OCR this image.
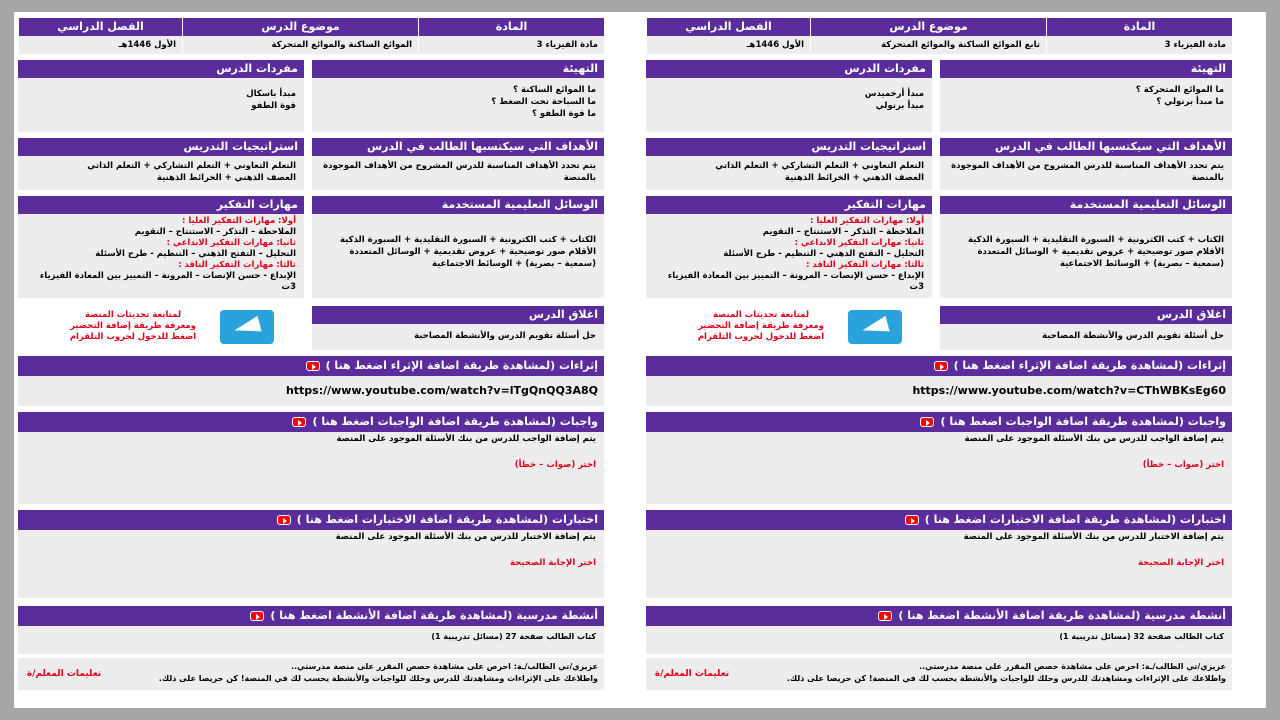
المادة
مادة الفيزياء 3
موضوع الدرس
تابع الموائع الساكنة والموائع المتحركة
الفصل الدراسي
الأول 1446هـ
التهيئة
ما الموائع المتحركة ؟
ما مبدأ برنولي ؟
مفردات الدرس
مبدأ أرخميدس
مبدأ برنولي
الأهداف التي سيكتسبها الطالب في الدرس
يتم تحدد الأهداف المناسبة للدرس المشروح من الأهداف الموجودة بالمنصة
استراتيجيات التدريس
التعلم التعاوني + التعلم التشاركي + التعلم الذاتي
العصف الذهني + الخرائط الذهنية
الوسائل التعليمية المستخدمة
الكتاب + كتب الكترونية + السبورة التقليدية + السبورة الذكية
الأقلام صور توضيحية + عروض تقديمية + الوسائل المتعددة
(سمعية – بصرية) + الوسائط الاجتماعية
مهارات التفكير
أولا: مهارات التفكير العليا :
الملاحظة – التذكر – الاستنتاج – التقويم
ثانيا: مهارات التفكير الابداعي :
التحليل – التفتح الذهني – التنظيم - طرح الأسئلة
ثالثا: مهارات التفكير الناقد :
الإبداع - حسن الإنصات – المرونة – التمييز بين المعادة الفيزياء 3ت
اغلاق الدرس
حل أسئلة تقويم الدرس والأنشطة المصاحبة
لمتابعة تحديثات المنصة
ومعرفة طريقة إضافة التحضير
اضغط للدخول لجروب التلقرام
إثراءات (لمشاهدة طريقة اضافة الإثراء اضغط هنا )
https://www.youtube.com/watch?v=CThWBKsEg60
واجبات (لمشاهدة طريقة اضافة الواجبات اضغط هنا )
يتم إضافة الواجب للدرس من بنك الأسئلة الموجود على المنصة
اختر (صواب – خطأ)
اختبارات (لمشاهدة طريقة اضافة الاختبارات اضغط هنا )
يتم إضافة الاختبار للدرس من بنك الأسئلة الموجود على المنصة
اختر الإجابة الصحيحة
أنشطة مدرسية (لمشاهدة طريقة اضافة الأنشطة اضغط هنا )
كتاب الطالب صفحة 32 (مسائل تدريبية 1)
عزيزي/تي الطالب/ـة: احرص على مشاهدة حصص المقرر على منصة مدرستي..
واطلاعك على الإثراءات ومشاهدتك للدرس وحلك للواجبات والأنشطة يحسب لك في المنصة! كن حريصا على ذلك.
تعليمات المعلم/ة
المادة
مادة الفيزياء 3
موضوع الدرس
الموائع الساكنة والموائع المتحركة
الفصل الدراسي
الأول 1446هـ
التهيئة
ما الموائع الساكنة ؟
ما السباحة تحت الضغط ؟
ما قوة الطفو ؟
مفردات الدرس
مبدأ باسكال
قوة الطفو
الأهداف التي سيكتسبها الطالب في الدرس
يتم تحدد الأهداف المناسبة للدرس المشروح من الأهداف الموجودة بالمنصة
استراتيجيات التدريس
التعلم التعاوني + التعلم التشاركي + التعلم الذاتي
العصف الذهني + الخرائط الذهنية
الوسائل التعليمية المستخدمة
الكتاب + كتب الكترونية + السبورة التقليدية + السبورة الذكية
الأقلام صور توضيحية + عروض تقديمية + الوسائل المتعددة
(سمعية – بصرية) + الوسائط الاجتماعية
مهارات التفكير
أولا: مهارات التفكير العليا :
الملاحظة – التذكر – الاستنتاج – التقويم
ثانيا: مهارات التفكير الابداعي :
التحليل – التفتح الذهني – التنظيم - طرح الأسئلة
ثالثا: مهارات التفكير الناقد :
الإبداع - حسن الإنصات – المرونة – التمييز بين المعادة الفيزياء 3ت
اغلاق الدرس
حل أسئلة تقويم الدرس والأنشطة المصاحبة
لمتابعة تحديثات المنصة
ومعرفة طريقة إضافة التحضير
اضغط للدخول لجروب التلقرام
إثراءات (لمشاهدة طريقة اضافة الإثراء اضغط هنا )
https://www.youtube.com/watch?v=lTgQnQQ3A8Q
واجبات (لمشاهدة طريقة اضافة الواجبات اضغط هنا )
يتم إضافة الواجب للدرس من بنك الأسئلة الموجود على المنصة
اختر (صواب – خطأ)
اختبارات (لمشاهدة طريقة اضافة الاختبارات اضغط هنا )
يتم إضافة الاختبار للدرس من بنك الأسئلة الموجود على المنصة
اختر الإجابة الصحيحة
أنشطة مدرسية (لمشاهدة طريقة اضافة الأنشطة اضغط هنا )
كتاب الطالب صفحة 27 (مسائل تدريبية 1)
عزيزي/تي الطالب/ـة: احرص على مشاهدة حصص المقرر على منصة مدرستي..
واطلاعك على الإثراءات ومشاهدتك للدرس وحلك للواجبات والأنشطة يحسب لك في المنصة! كن حريصا على ذلك.
تعليمات المعلم/ة
